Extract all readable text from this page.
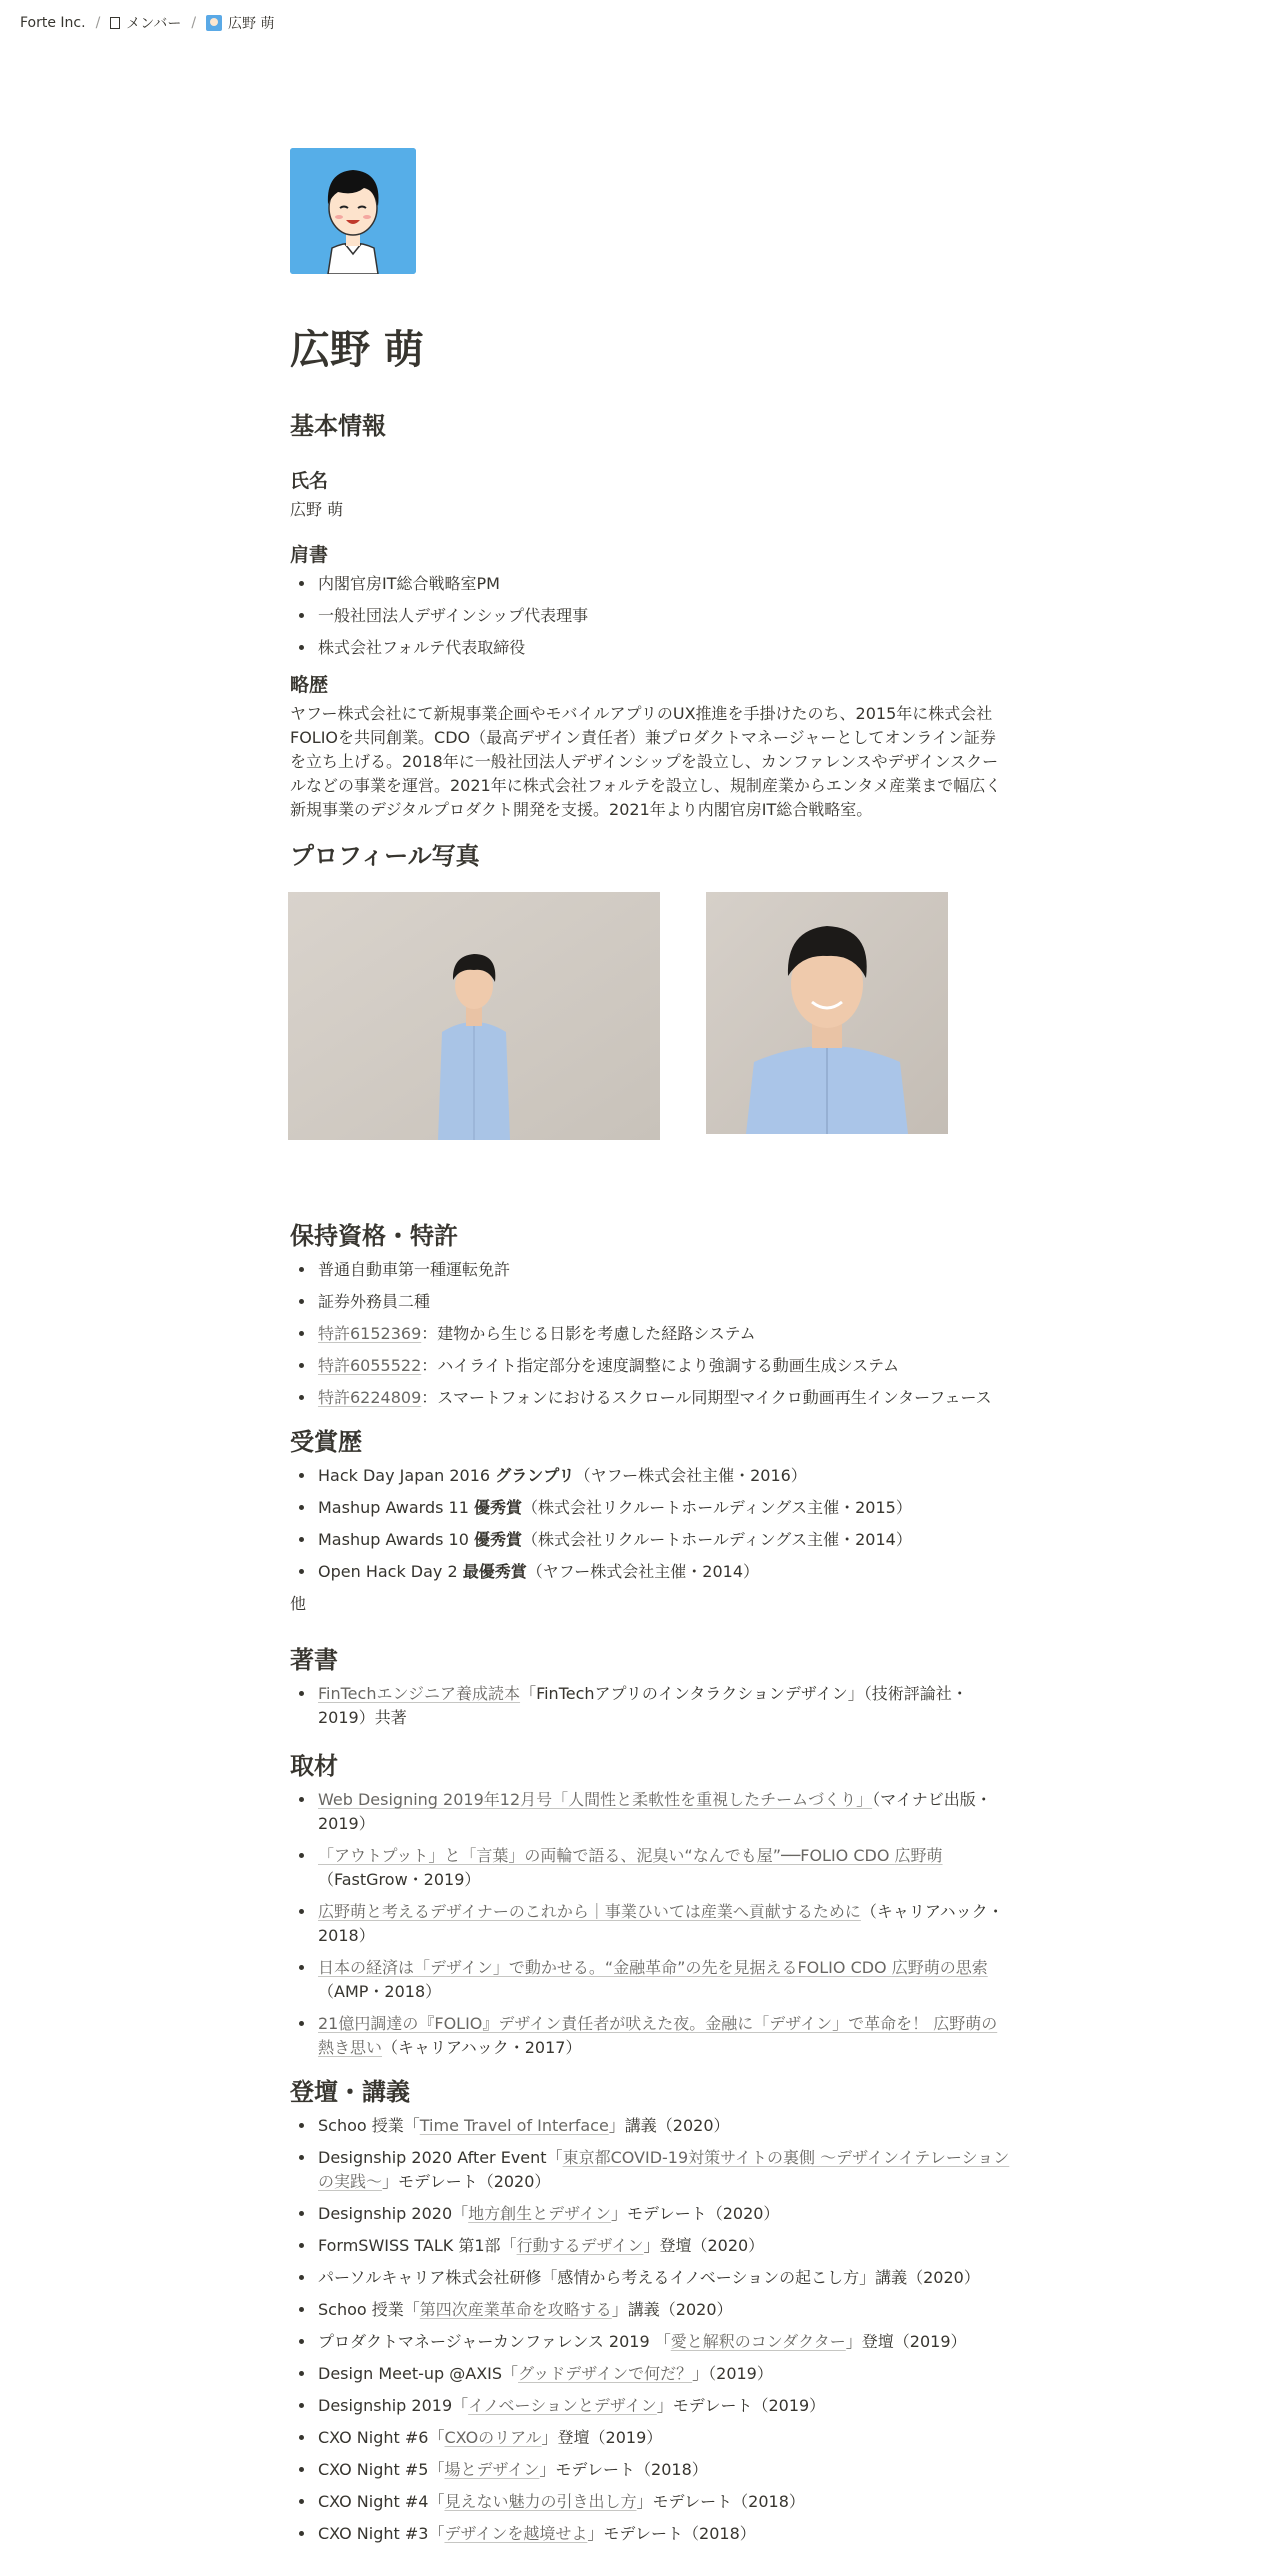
Forte Inc. / メンバー / 広野 萌
広野 萌
基本情報
氏名

広野 萌

肩書
• 内閣官房IT総合戦略室PM
• 一般社団法人デザインシップ代表理事
• 株式会社フォルテ代表取締役
略歴

ヤフー株式会社にて新規事業企画やモバイルアプリのUX推進を手掛けたのち、2015年に株式会社FOLIOを共同創業。CDO（最高デザイン責任者）兼プロダクトマネージャーとしてオンライン証券を立ち上げる。2018年に一般社団法人デザインシップを設立し、カンファレンスやデザインスクールなどの事業を運営。2021年に株式会社フォルテを設立し、規制産業からエンタメ産業まで幅広く新規事業のデジタルプロダクト開発を支援。2021年より内閣官房IT総合戦略室。

プロフィール写真
保持資格・特許
• 普通自動車第一種運転免許
• 証券外務員二種
• 特許6152369：建物から生じる日影を考慮した経路システム
• 特許6055522：ハイライト指定部分を速度調整により強調する動画生成システム
• 特許6224809：スマートフォンにおけるスクロール同期型マイクロ動画再生インターフェース
受賞歴
• Hack Day Japan 2016 グランプリ（ヤフー株式会社主催・2016）
• Mashup Awards 11 優秀賞（株式会社リクルートホールディングス主催・2015）
• Mashup Awards 10 優秀賞（株式会社リクルートホールディングス主催・2014）
• Open Hack Day 2 最優秀賞（ヤフー株式会社主催・2014）

他

著書
• FinTechエンジニア養成読本「FinTechアプリのインタラクションデザイン」（技術評論社・2019）共著
取材
• Web Designing 2019年12月号「人間性と柔軟性を重視したチームづくり」（マイナビ出版・2019）
• 「アウトプット」と「言葉」の両輪で語る、泥臭い“なんでも屋”──FOLIO CDO 広野萌（FastGrow・2019）
• 広野萌と考えるデザイナーのこれから｜事業ひいては産業へ貢献するために（キャリアハック・2018）
• 日本の経済は「デザイン」で動かせる。“金融革命”の先を見据えるFOLIO CDO 広野萌の思索（AMP・2018）
• 21億円調達の『FOLIO』デザイン責任者が吠えた夜。金融に「デザイン」で革命を！ 広野萌の熱き思い（キャリアハック・2017）
登壇・講義
• Schoo 授業「Time Travel of Interface」講義（2020）
• Designship 2020 After Event「東京都COVID-19対策サイトの裏側 〜デザインイテレーションの実践〜」モデレート（2020）
• Designship 2020「地方創生とデザイン」モデレート（2020）
• FormSWISS TALK 第1部「行動するデザイン」登壇（2020）
• パーソルキャリア株式会社研修「感情から考えるイノベーションの起こし方」講義（2020）
• Schoo 授業「第四次産業革命を攻略する」講義（2020）
• プロダクトマネージャーカンファレンス 2019 「愛と解釈のコンダクター」登壇（2019）
• Design Meet-up @AXIS「グッドデザインで何だ？」（2019）
• Designship 2019「イノベーションとデザイン」モデレート（2019）
• CXO Night #6「CXOのリアル」登壇（2019）
• CXO Night #5「場とデザイン」モデレート（2018）
• CXO Night #4「見えない魅力の引き出し方」モデレート（2018）
• CXO Night #3「デザインを越境せよ」モデレート（2018）
